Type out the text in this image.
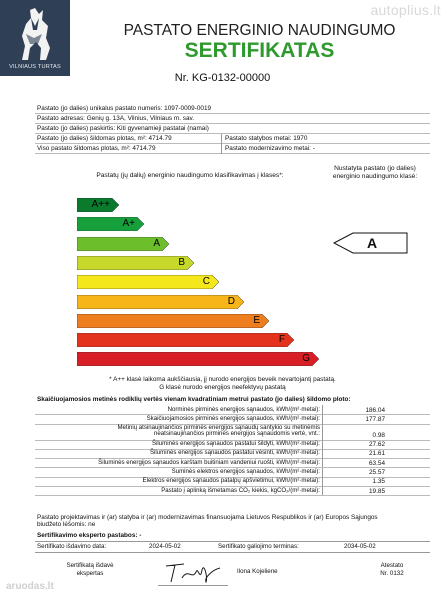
VILNIAUS TURTAS
autoplius.lt
PASTATO ENERGINIO NAUDINGUMO
SERTIFIKATAS
Nr. KG-0132-00000
Pastato (jo dalies) unikalus pastato numeris: 1097-0009-0019
Pastato adresas: Genių g. 13A, Vilnius, Vilniaus m. sav.
Pastato (jo dalies) paskirtis: Kiti gyvenamieji pastatai (namai)
Pastato (jo dalies) šildomas plotas, m²: 4714.79	Pastato statybos metai: 1970
Viso pastato šildomas plotas, m²: 4714.79	Pastato modernizavimo metai: -
Pastatų (jų dalių) energinio naudingumo klasifikavimas į klases*:
Nustatyta pastato (jo dalies) energinio naudingumo klasė:
A++
A+
A
B
C
D
E
F
G
A
* A++ klasė laikoma aukščiausia, jį nurodo energijos beveik nevartojantį pastatą.
G klasė nurodo energijos neefektyvų pastatą
Skaičiuojamosios metinės rodiklių vertės vienam kvadratiniam metrui pastato (jo dalies) šildomo ploto:
Norminės pirminės energijos sąnaudos, kWh/(m²·metai):	186.04
Skaičiuojamosios pirminės energijos sąnaudos, kWh/(m²·metai):	177.87
Metinių atsinaujinančios pirminės energijos sąnaudų santykio su metinėmis neatsinaujinančios pirminės energijos sąnaudomis vertė, vnt.:	0.98
Šiluminės energijos sąnaudos pastatui šildyti, kWh/(m²·metai):	27.62
Šiluminės energijos sąnaudos pastatui vėsinti, kWh/(m²·metai):	21.61
Šiluminės energijos sąnaudos karštam buitiniam vandeniui ruošti, kWh/(m²·metai):	63.54
Suminės elektros energijos sąnaudos, kWh/(m²·metai):	25.57
Elektros energijos sąnaudos patalpų apšvietimui, kWh/(m²·metai):	1.35
Pastato į aplinką išmetamas CO₂ kiekis, kgCO₂/(m²·metai):	19.85
Pastato projektavimas ir (ar) statyba ir (ar) modernizavimas finansuojama Lietuvos Respublikos ir (ar) Europos Sąjungos biudžeto lėšomis: ne
Sertifikavimo eksperto pastabos: -
Sertifikato išdavimo data:	2024-05-02	Sertifikato galiojimo terminas:	2034-05-02
Sertifikatą išdavė
ekspertas	Ilona Kojeliene
Atestato
Nr. 0132
aruodas.lt
